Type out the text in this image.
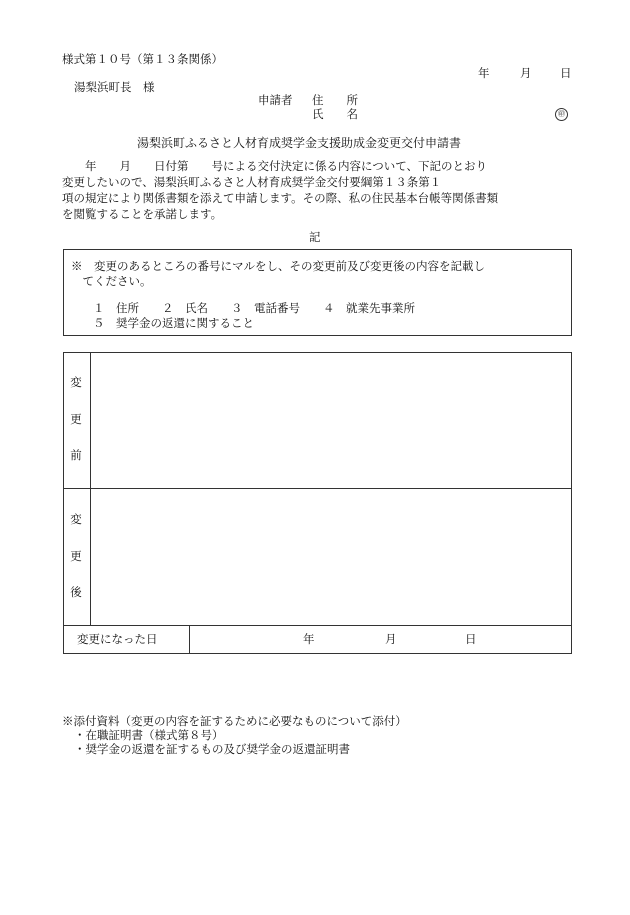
様式第１０号（第１３条関係）
年	月 日
湯梨浜町長　様
申請者 住　　所
氏　　名	㊞
湯梨浜町ふるさと人材育成奨学金支援助成金変更交付申請書
　　年　　月　　日付第　　号による交付決定に係る内容について、下記のとおり
変更したいので、湯梨浜町ふるさと人材育成奨学金交付要綱第１３条第１
項の規定により関係書類を添えて申請します。その際、私の住民基本台帳等関係書類
を閲覧することを承諾します。
記
※　変更のあるところの番号にマルをし、その変更前及び変更後の内容を記載し
　てください。
１　住所　　２　氏名　　３　電話番号　　４　就業先事業所
５　奨学金の返還に関すること
変
更
前
変
更
後
変更になった日	年	月	日
※添付資料（変更の内容を証するために必要なものについて添付）
・在職証明書（様式第８号）
・奨学金の返還を証するもの及び奨学金の返還証明書
